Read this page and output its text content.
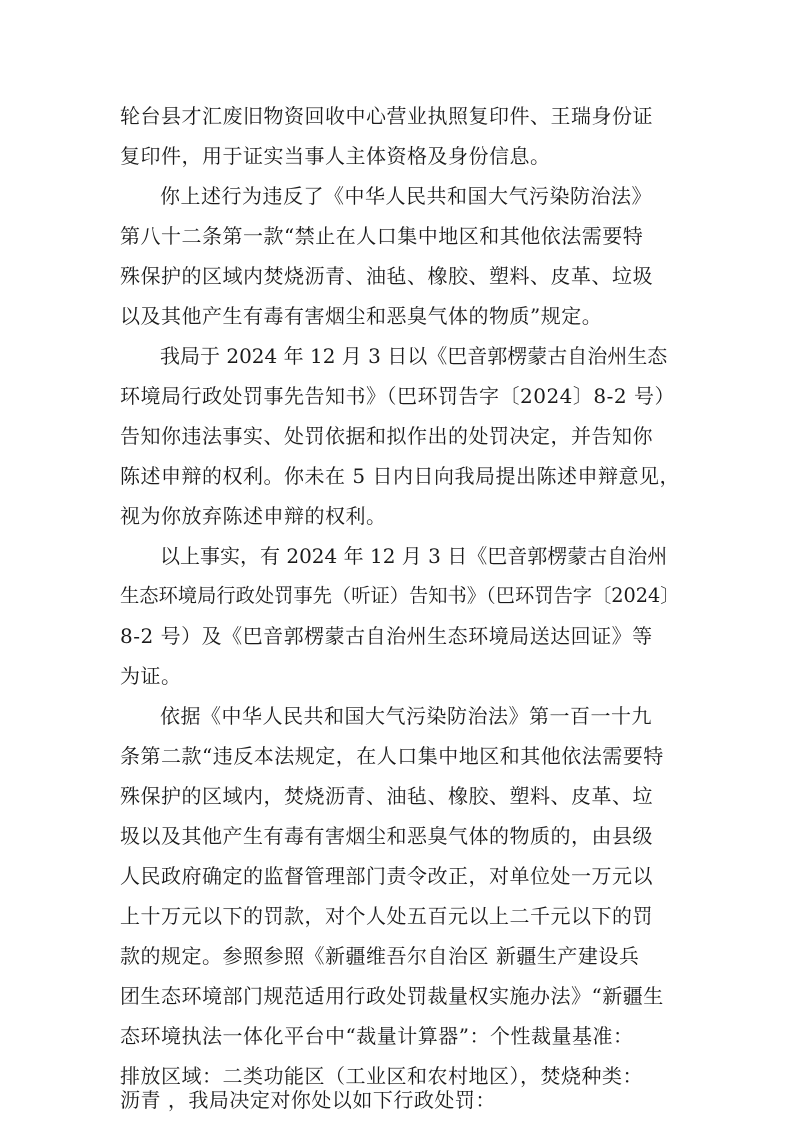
轮台县才汇废旧物资回收中心营业执照复印件、王瑞身份证
复印件，用于证实当事人主体资格及身份信息。
你上述行为违反了《中华人民共和国大气污染防治法》
第八十二条第一款“禁止在人口集中地区和其他依法需要特
殊保护的区域内焚烧沥青、油毡、橡胶、塑料、皮革、垃圾
以及其他产生有毒有害烟尘和恶臭气体的物质”规定。
我局于 2024 年 12 月 3 日以《巴音郭楞蒙古自治州生态
环境局行政处罚事先告知书》（巴环罚告字〔2024〕8-2 号）
告知你违法事实、处罚依据和拟作出的处罚决定，并告知你
陈述申辩的权利。你未在 5 日内日向我局提出陈述申辩意见，
视为你放弃陈述申辩的权利。
以上事实，有 2024 年 12 月 3 日《巴音郭楞蒙古自治州
生态环境局行政处罚事先（听证）告知书》（巴环罚告字〔2024〕
8-2 号）及《巴音郭楞蒙古自治州生态环境局送达回证》等
为证。
依据《中华人民共和国大气污染防治法》第一百一十九
条第二款“违反本法规定，在人口集中地区和其他依法需要特
殊保护的区域内，焚烧沥青、油毡、橡胶、塑料、皮革、垃
圾以及其他产生有毒有害烟尘和恶臭气体的物质的，由县级
人民政府确定的监督管理部门责令改正，对单位处一万元以
上十万元以下的罚款，对个人处五百元以上二千元以下的罚
款的规定。参照参照《新疆维吾尔自治区 新疆生产建设兵
团生态环境部门规范适用行政处罚裁量权实施办法》“新疆生
态环境执法一体化平台中“裁量计算器”：个性裁量基准：
排放区域：二类功能区（工业区和农村地区），焚烧种类：
沥青 ，我局决定对你处以如下行政处罚：
